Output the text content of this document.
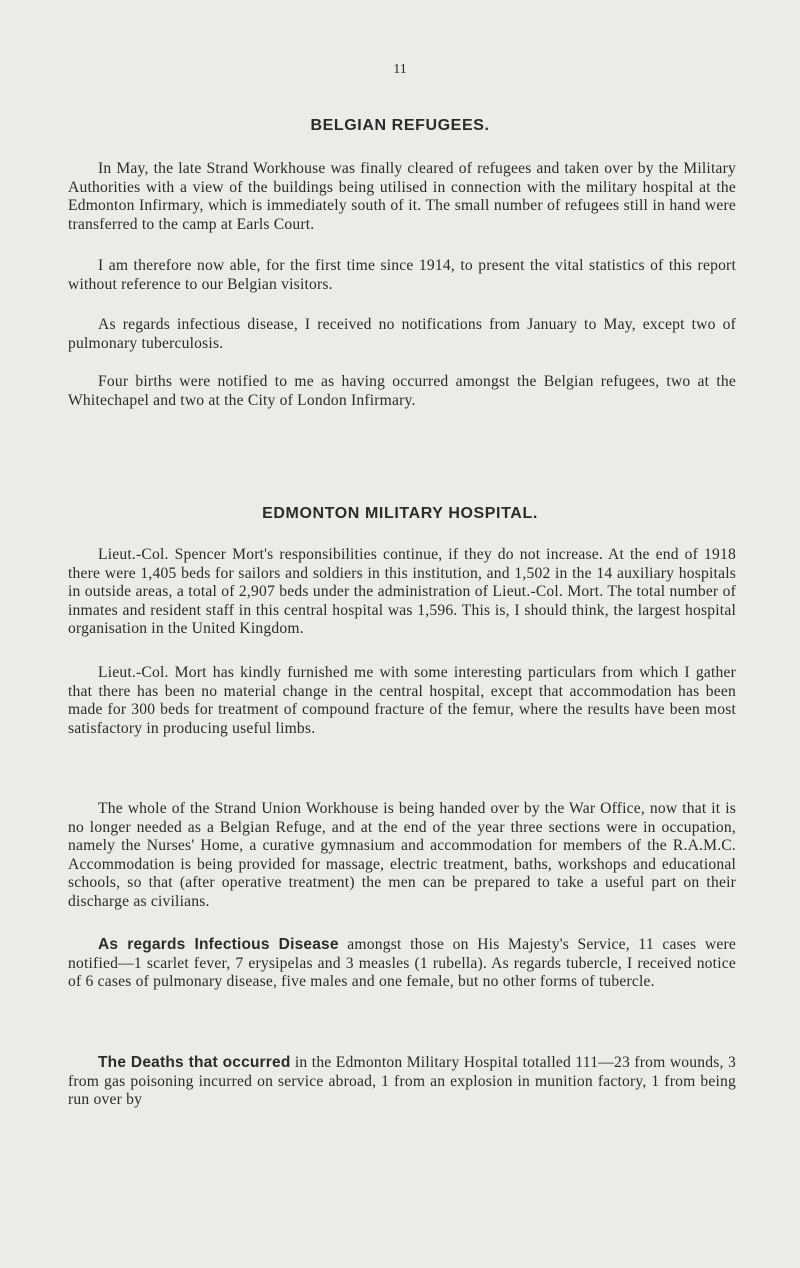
11
BELGIAN REFUGEES.

In May, the late Strand Workhouse was finally cleared of refugees and taken over by the Military Authorities with a view of the buildings being utilised in connection with the military hospital at the Edmonton Infirmary, which is immediately south of it. The small number of refugees still in hand were transferred to the camp at Earls Court.

I am therefore now able, for the first time since 1914, to present the vital statistics of this report without reference to our Belgian visitors.

As regards infectious disease, I received no notifications from January to May, except two of pulmonary tuberculosis.

Four births were notified to me as having occurred amongst the Belgian refugees, two at the Whitechapel and two at the City of London Infirmary.

EDMONTON MILITARY HOSPITAL.

Lieut.-Col. Spencer Mort's responsibilities continue, if they do not increase. At the end of 1918 there were 1,405 beds for sailors and soldiers in this institution, and 1,502 in the 14 auxiliary hospitals in outside areas, a total of 2,907 beds under the administration of Lieut.-Col. Mort. The total number of inmates and resident staff in this central hospital was 1,596. This is, I should think, the largest hospital organisation in the United Kingdom.

Lieut.-Col. Mort has kindly furnished me with some interesting particulars from which I gather that there has been no material change in the central hospital, except that accommodation has been made for 300 beds for treatment of compound fracture of the femur, where the results have been most satisfactory in producing useful limbs.

The whole of the Strand Union Workhouse is being handed over by the War Office, now that it is no longer needed as a Belgian Refuge, and at the end of the year three sections were in occupation, namely the Nurses' Home, a curative gymnasium and accommodation for members of the R.A.M.C. Accommodation is being provided for massage, electric treatment, baths, workshops and educational schools, so that (after operative treatment) the men can be prepared to take a useful part on their discharge as civilians.

As regards Infectious Disease amongst those on His Majesty's Service, 11 cases were notified—1 scarlet fever, 7 erysipelas and 3 measles (1 rubella). As regards tubercle, I received notice of 6 cases of pulmonary disease, five males and one female, but no other forms of tubercle.

The Deaths that occurred in the Edmonton Military Hospital totalled 111—23 from wounds, 3 from gas poisoning incurred on service abroad, 1 from an explosion in munition factory, 1 from being run over by
